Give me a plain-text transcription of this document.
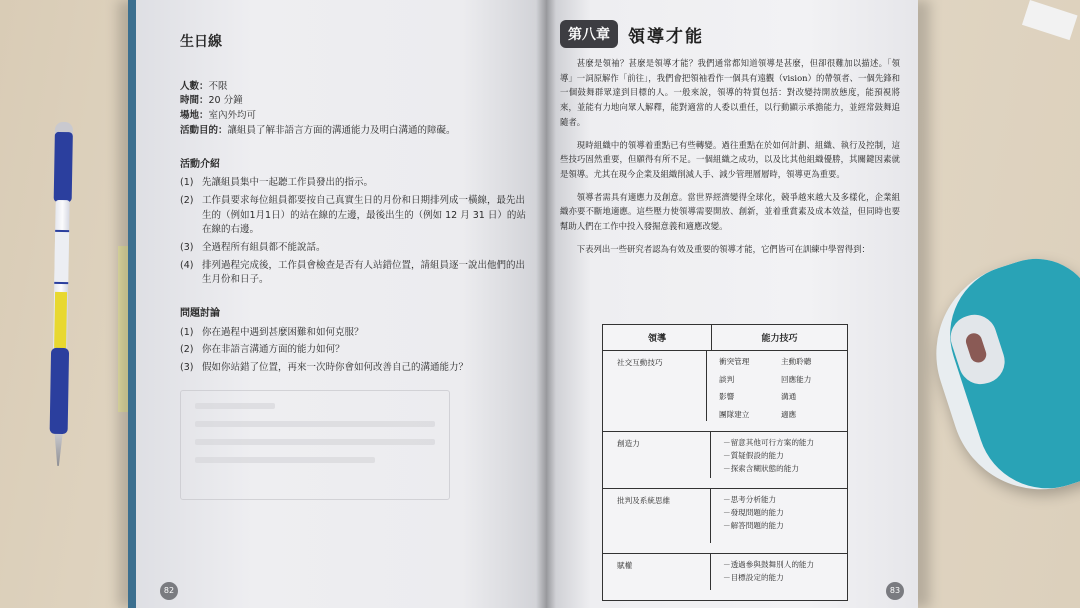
生日線
人數：不限
時間：20 分鐘
場地：室內外均可
活動目的：讓組員了解非語言方面的溝通能力及明白溝通的障礙。
活動介紹
(1) 先讓組員集中一起聽工作員發出的指示。
(2) 工作員要求每位組員都要按自己真實生日的月份和日期排列成一橫線，最先出生的（例如1月1日）的站在線的左邊，最後出生的（例如 12 月 31 日）的站在線的右邊。
(3) 全過程所有組員都不能說話。
(4) 排列過程完成後，工作員會檢查是否有人站錯位置，請組員逐一說出他們的出生月份和日子。
問題討論
(1) 你在過程中遇到甚麼困難和如何克服？
(2) 你在非語言溝通方面的能力如何？
(3) 假如你站錯了位置，再來一次時你會如何改善自己的溝通能力？
82
第八章	領導才能

甚麼是領袖？甚麼是領導才能？我們通常都知道領導是甚麼，但卻很難加以描述。「領導」一詞原解作「前往」，我們會把領袖看作一個具有遠觀（vision）的帶領者、一個先鋒和一個鼓舞群眾達到目標的人。一般來說，領導的特質包括：對改變持開放態度，能預視將來，並能有力地向眾人解釋，能對適當的人委以重任，以行動顯示承擔能力，並經常鼓舞追隨者。

現時組織中的領導着重點已有些轉變。過往重點在於如何計劃、組織、執行及控制，這些技巧固然重要，但願得有所不足。一個組織之成功，以及比其他組織優勝，其關鍵因素就是領導。尤其在現今企業及組織削減人手、減少管理層層時，領導更為重要。

領導者需具有適應力及創意。當世界經濟變得全球化，競爭越來越大及多樣化，企業組織亦要不斷地適應。這些壓力使領導需要開放、創新，並着重賞素及成本效益，但同時也要幫助人們在工作中投入發掘意義和適應改變。

下表列出一些研究者認為有效及重要的領導才能，它們皆可在訓練中學習得到：

領導	能力技巧
社交互動技巧	衝突管理	主動聆聽
談判	回應能力
影響	溝通
團隊建立	適應
創造力	－留意其他可行方案的能力
－質疑假設的能力
－探索含糊狀態的能力
批判及系統思維	－思考分析能力
－發現問題的能力
－解答問題的能力
賦權	－透過參與鼓舞別人的能力
－目標設定的能力
83
